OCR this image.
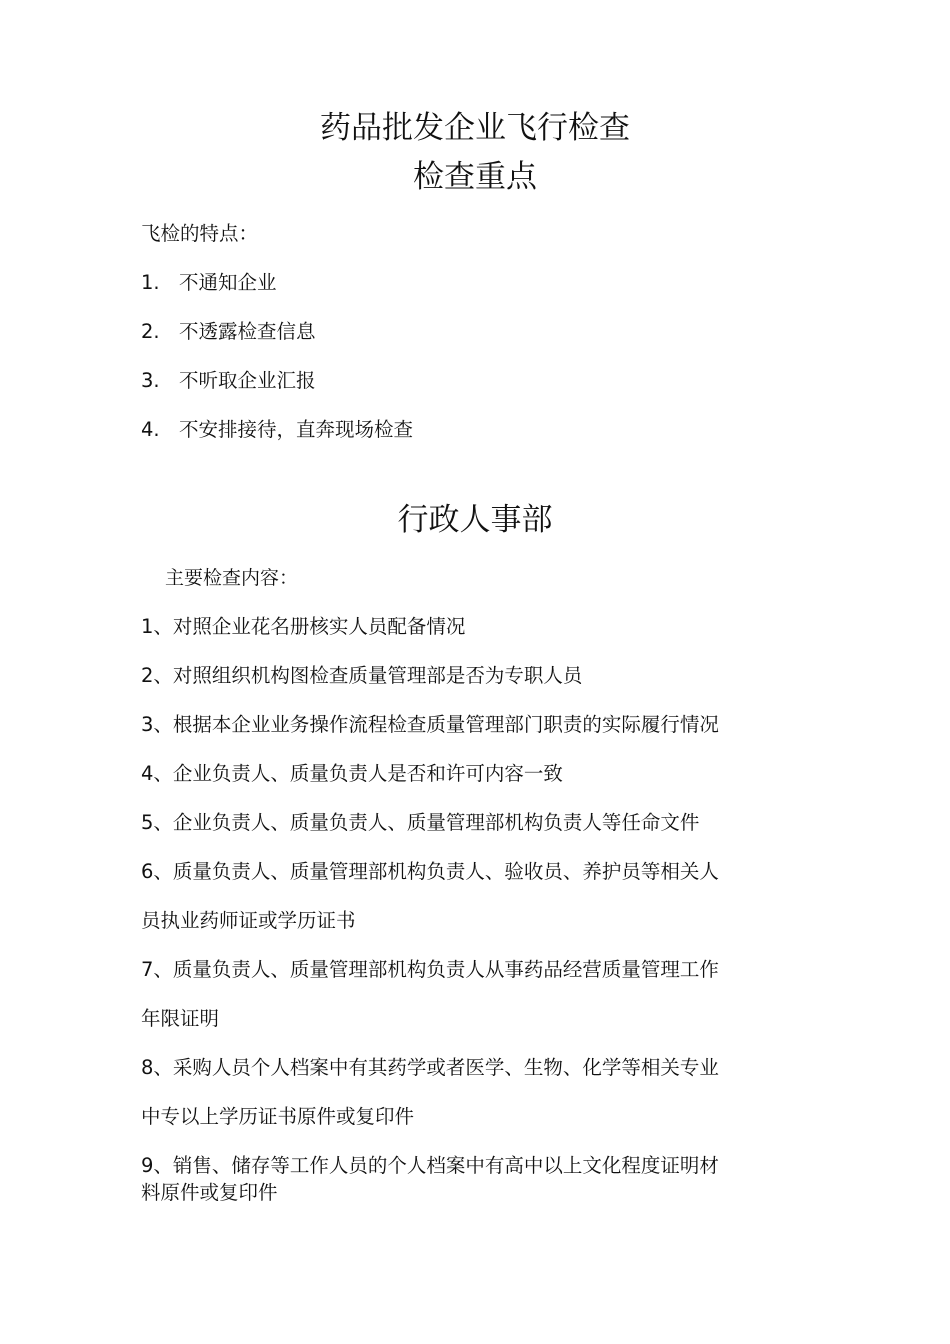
药品批发企业飞行检查
检查重点
飞检的特点：
1. 不通知企业
2. 不透露检查信息
3. 不听取企业汇报
4. 不安排接待，直奔现场检查
行政人事部
主要检查内容：
1、对照企业花名册核实人员配备情况
2、对照组织机构图检查质量管理部是否为专职人员
3、根据本企业业务操作流程检查质量管理部门职责的实际履行情况
4、企业负责人、质量负责人是否和许可内容一致
5、企业负责人、质量负责人、质量管理部机构负责人等任命文件
6、质量负责人、质量管理部机构负责人、验收员、养护员等相关人
员执业药师证或学历证书
7、质量负责人、质量管理部机构负责人从事药品经营质量管理工作
年限证明
8、采购人员个人档案中有其药学或者医学、生物、化学等相关专业
中专以上学历证书原件或复印件
9、销售、储存等工作人员的个人档案中有高中以上文化程度证明材
料原件或复印件
